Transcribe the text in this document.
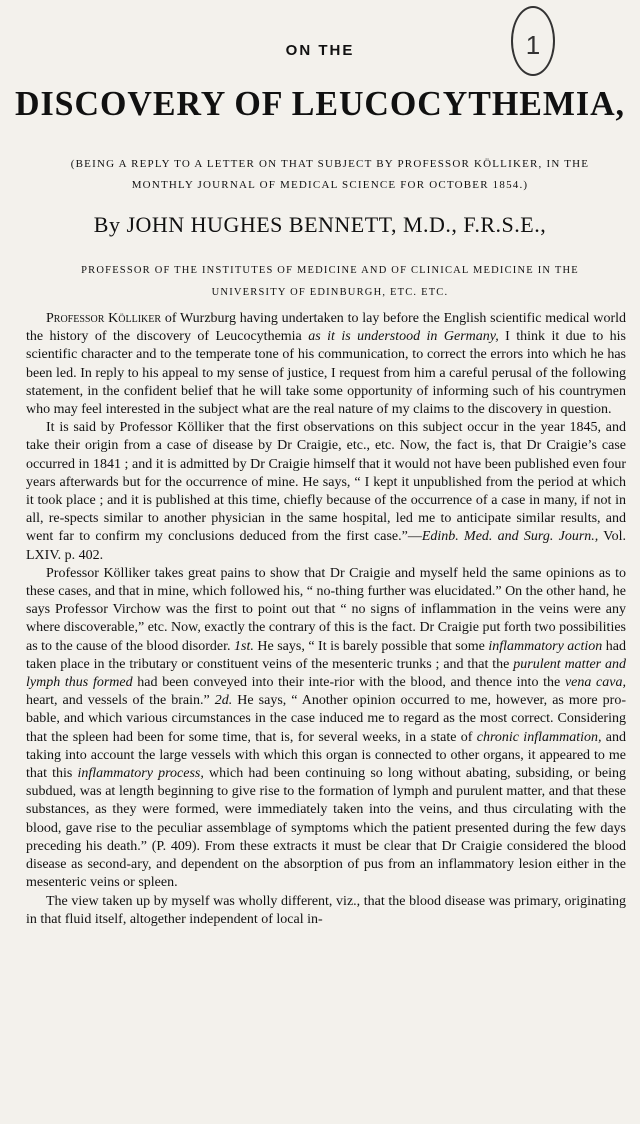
1
ON THE
DISCOVERY OF LEUCOCYTHEMIA,
(BEING A REPLY TO A LETTER ON THAT SUBJECT BY PROFESSOR KÖLLIKER, IN THE
MONTHLY JOURNAL OF MEDICAL SCIENCE FOR OCTOBER 1854.)
By JOHN HUGHES BENNETT, M.D., F.R.S.E.,
PROFESSOR OF THE INSTITUTES OF MEDICINE AND OF CLINICAL MEDICINE IN THE
UNIVERSITY OF EDINBURGH, ETC. ETC.

Professor Kölliker of Wurzburg having undertaken to lay before the English scientific medical world the history of the discovery of Leucocythemia as it is understood in Germany, I think it due to his scientific character and to the temperate tone of his communication, to correct the errors into which he has been led. In reply to his appeal to my sense of justice, I request from him a careful perusal of the following statement, in the confident belief that he will take some opportunity of informing such of his countrymen who may feel interested in the subject what are the real nature of my claims to the discovery in question.

It is said by Professor Kölliker that the first observations on this subject occur in the year 1845, and take their origin from a case of disease by Dr Craigie, etc., etc. Now, the fact is, that Dr Craigie’s case occurred in 1841 ; and it is admitted by Dr Craigie himself that it would not have been published even four years afterwards but for the occurrence of mine. He says, “ I kept it unpublished from the period at which it took place ; and it is published at this time, chiefly because of the occurrence of a case in many, if not in all, re-spects similar to another physician in the same hospital, led me to anticipate similar results, and went far to confirm my conclusions deduced from the first case.”—Edinb. Med. and Surg. Journ., Vol. LXIV. p. 402.

Professor Kölliker takes great pains to show that Dr Craigie and myself held the same opinions as to these cases, and that in mine, which followed his, “ no-thing further was elucidated.” On the other hand, he says Professor Virchow was the first to point out that “ no signs of inflammation in the veins were any where discoverable,” etc. Now, exactly the contrary of this is the fact. Dr Craigie put forth two possibilities as to the cause of the blood disorder. 1st. He says, “ It is barely possible that some inflammatory action had taken place in the tributary or constituent veins of the mesenteric trunks ; and that the purulent matter and lymph thus formed had been conveyed into their inte-rior with the blood, and thence into the vena cava, heart, and vessels of the brain.” 2d. He says, “ Another opinion occurred to me, however, as more pro-bable, and which various circumstances in the case induced me to regard as the most correct. Considering that the spleen had been for some time, that is, for several weeks, in a state of chronic inflammation, and taking into account the large vessels with which this organ is connected to other organs, it appeared to me that this inflammatory process, which had been continuing so long without abating, subsiding, or being subdued, was at length beginning to give rise to the formation of lymph and purulent matter, and that these substances, as they were formed, were immediately taken into the veins, and thus circulating with the blood, gave rise to the peculiar assemblage of symptoms which the patient presented during the few days preceding his death.” (P. 409). From these extracts it must be clear that Dr Craigie considered the blood disease as second-ary, and dependent on the absorption of pus from an inflammatory lesion either in the mesenteric veins or spleen.

The view taken up by myself was wholly different, viz., that the blood disease was primary, originating in that fluid itself, altogether independent of local in-
